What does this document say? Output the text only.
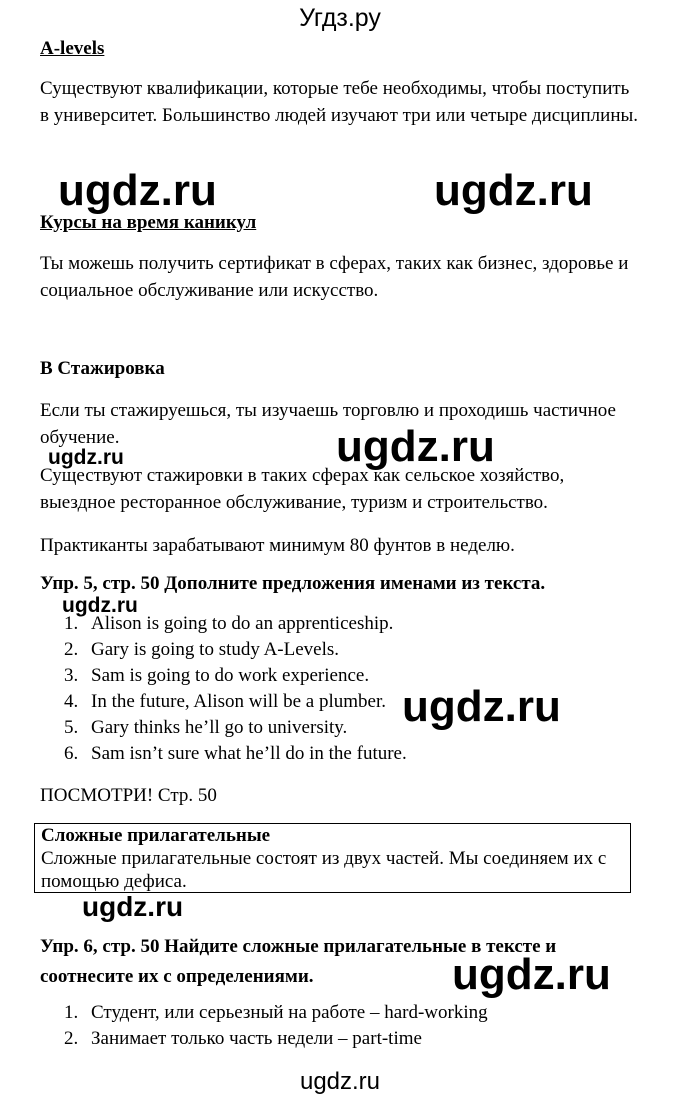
Угдз.ру
A-levels
Существуют квалификации, которые тебе необходимы, чтобы поступить в университет. Большинство людей изучают три или четыре дисциплины.
ugdz.ru	ugdz.ru
Курсы на время каникул
Ты можешь получить сертификат в сферах, таких как бизнес, здоровье и социальное обслуживание или искусство.
B Стажировка
Если ты стажируешься, ты изучаешь торговлю и проходишь частичное обучение.	ugdz.ru
ugdz.ru
Существуют стажировки в таких сферах как сельское хозяйство, выездное ресторанное обслуживание, туризм и строительство.
Практиканты зарабатывают минимум 80 фунтов в неделю.
Упр. 5, стр. 50 Дополните предложения именами из текста.
ugdz.ru
1. Alison is going to do an apprenticeship.
2. Gary is going to study A-Levels.
3. Sam is going to do work experience.
4. In the future, Alison will be a plumber.
5. Gary thinks he’ll go to university.
6. Sam isn’t sure what he’ll do in the future.
ugdz.ru
ПОСМОТРИ! Стр. 50
Сложные прилагательные
Сложные прилагательные состоят из двух частей. Мы соединяем их с помощью дефиса.
ugdz.ru
Упр. 6, стр. 50 Найдите сложные прилагательные в тексте и соотнесите их с определениями.	ugdz.ru
1. Студент, или серьезный на работе – hard-working
2. Занимает только часть недели – part-time
ugdz.ru
